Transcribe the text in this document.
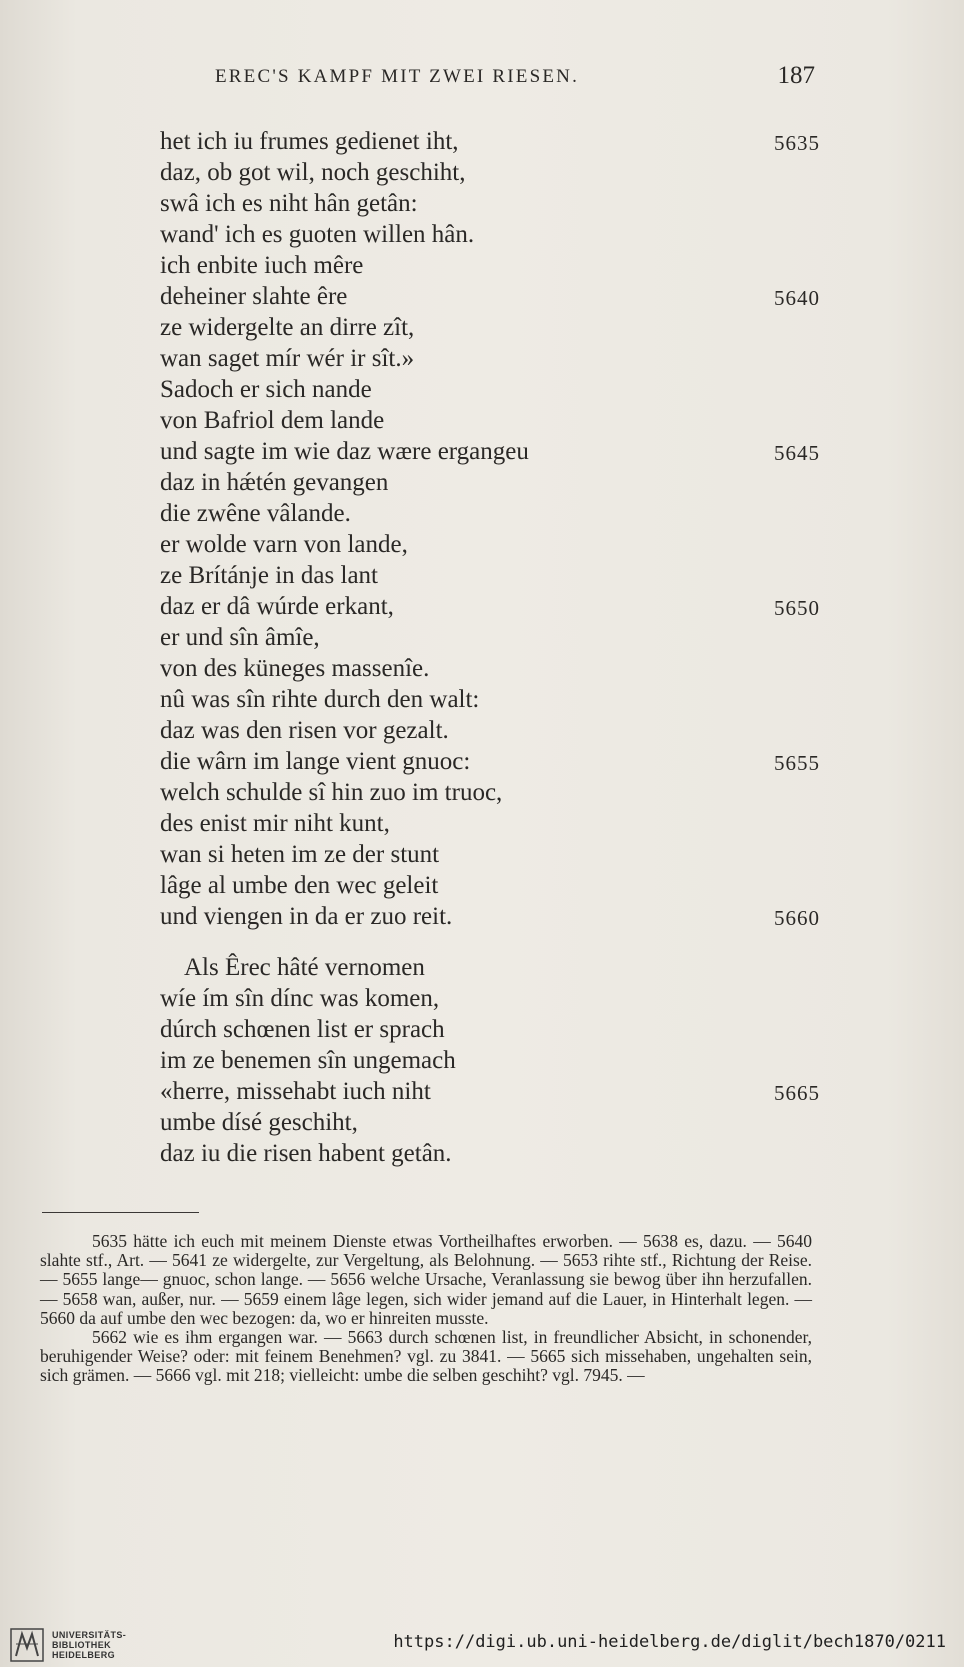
EREC'S KAMPF MIT ZWEI RIESEN.	187
het ich iu frumes gedienet iht,	5635
daz, ob got wil, noch geschiht,
swâ ich es niht hân getân:
wand' ich es guoten willen hân.
ich enbite iuch mêre
deheiner slahte êre	5640
ze widergelte an dirre zît,
wan saget mír wér ir sît.»
Sadoch er sich nande
von Bafriol dem lande
und sagte im wie daz wære ergangeu	5645
daz in hǽtén gevangen
die zwêne vâlande.
er wolde varn von lande,
ze Brítánje in das lant
daz er dâ wúrde erkant,	5650
er und sîn âmîe,
von des küneges massenîe.
nû was sîn rihte durch den walt:
daz was den risen vor gezalt.
die wârn im lange vient gnuoc:	5655
welch schulde sî hin zuo im truoc,
des enist mir niht kunt,
wan si heten im ze der stunt
lâge al umbe den wec geleit
und viengen in da er zuo reit.	5660
Als Êrec hâté vernomen
wíe ím sîn dínc was komen,
dúrch schœnen list er sprach
im ze benemen sîn ungemach
«herre, missehabt iuch niht	5665
umbe dísé geschiht,
daz iu die risen habent getân.

5635 hätte ich euch mit meinem Dienste etwas Vortheilhaftes erworben. — 5638 es, dazu. — 5640 slahte stf., Art. — 5641 ze widergelte, zur Vergeltung, als Belohnung. — 5653 rihte stf., Richtung der Reise. — 5655 lange— gnuoc, schon lange. — 5656 welche Ursache, Veranlassung sie bewog über ihn herzufallen. — 5658 wan, außer, nur. — 5659 einem lâge legen, sich wider jemand auf die Lauer, in Hinterhalt legen. — 5660 da auf umbe den wec bezogen: da, wo er hinreiten musste.

5662 wie es ihm ergangen war. — 5663 durch schœnen list, in freundlicher Absicht, in schonender, beruhigender Weise? oder: mit feinem Benehmen? vgl. zu 3841. — 5665 sich missehaben, ungehalten sein, sich grämen. — 5666 vgl. mit 218; vielleicht: umbe die selben geschiht? vgl. 7945. —

UNIVERSITÄTS-
BIBLIOTHEK
HEIDELBERG
https://digi.ub.uni-heidelberg.de/diglit/bech1870/0211
